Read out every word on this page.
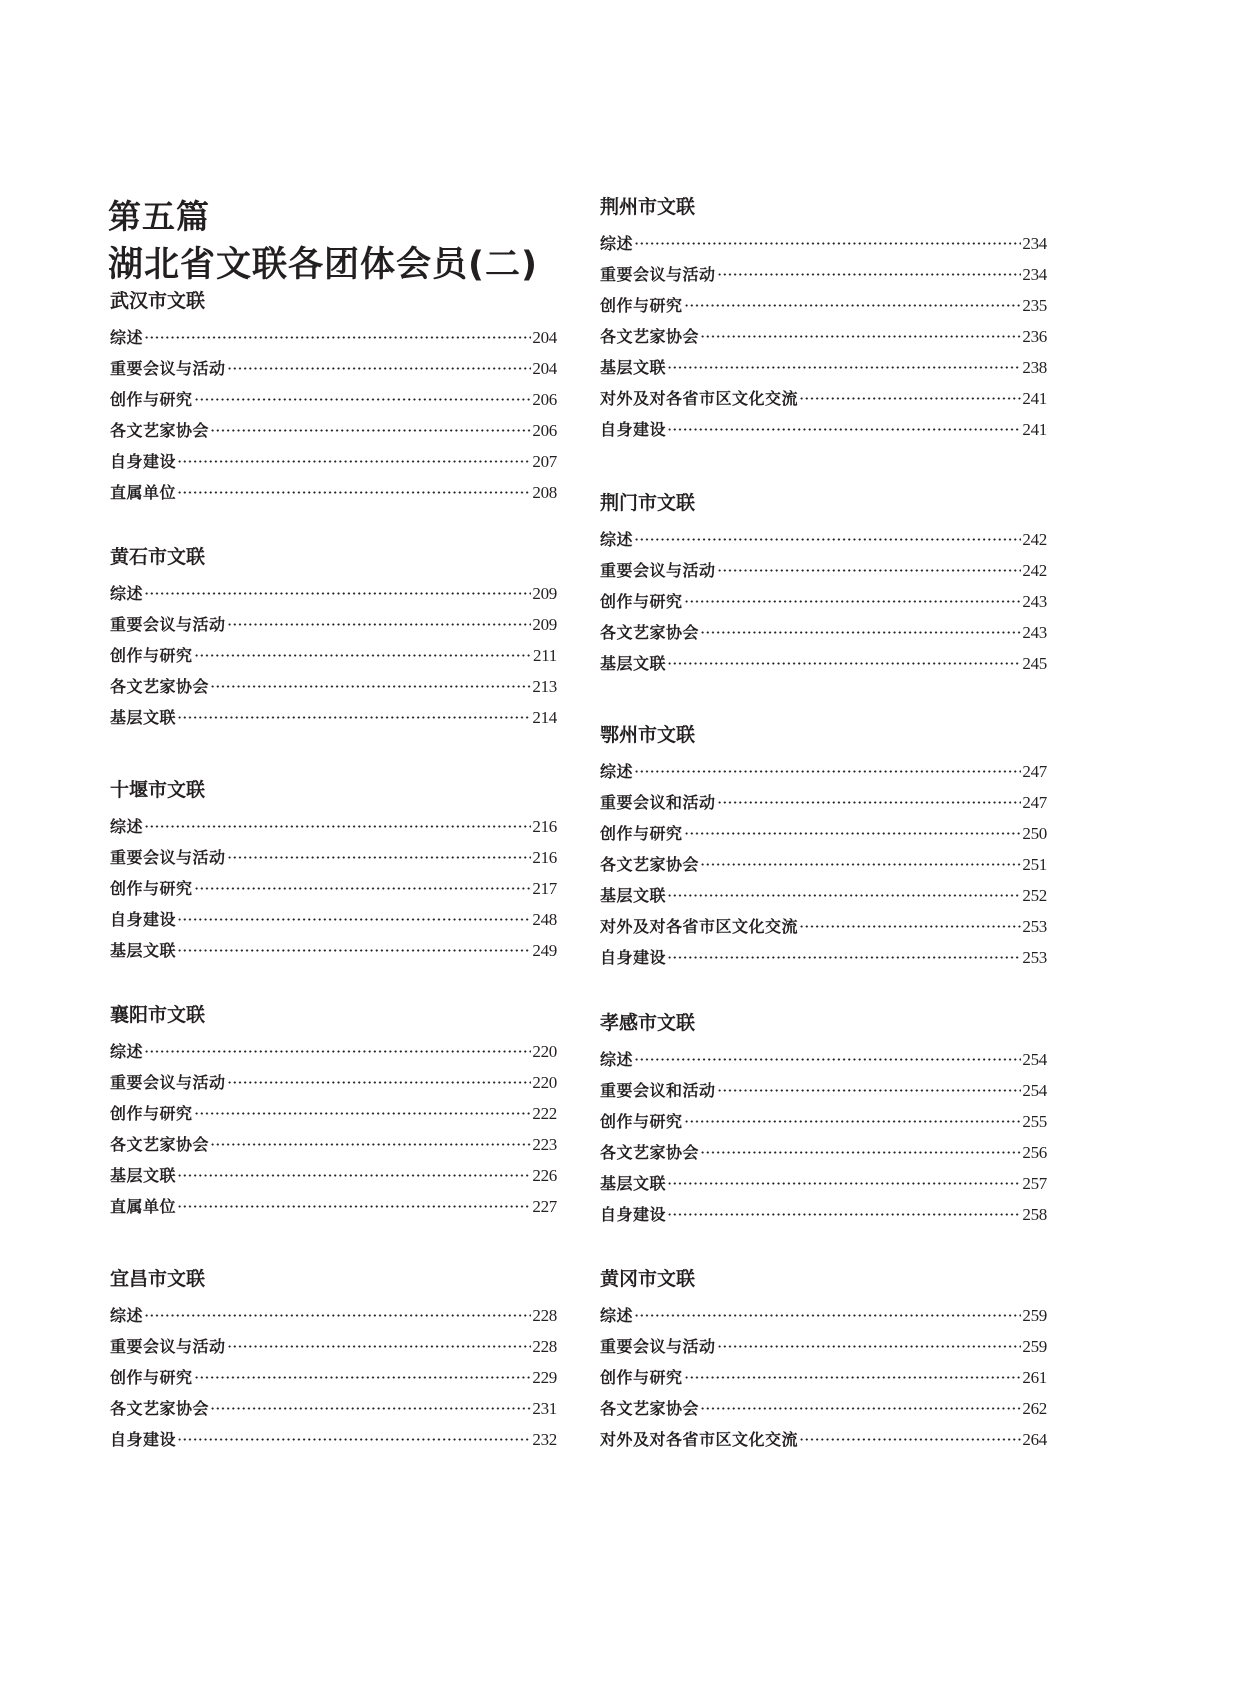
第五篇
湖北省文联各团体会员(二)
武汉市文联
综述	204
重要会议与活动	204
创作与研究	206
各文艺家协会	206
自身建设	207
直属单位	208
黄石市文联
综述	209
重要会议与活动	209
创作与研究	211
各文艺家协会	213
基层文联	214
十堰市文联
综述	216
重要会议与活动	216
创作与研究	217
自身建设	248
基层文联	249
襄阳市文联
综述	220
重要会议与活动	220
创作与研究	222
各文艺家协会	223
基层文联	226
直属单位	227
宜昌市文联
综述	228
重要会议与活动	228
创作与研究	229
各文艺家协会	231
自身建设	232
荆州市文联
综述	234
重要会议与活动	234
创作与研究	235
各文艺家协会	236
基层文联	238
对外及对各省市区文化交流	241
自身建设	241
荆门市文联
综述	242
重要会议与活动	242
创作与研究	243
各文艺家协会	243
基层文联	245
鄂州市文联
综述	247
重要会议和活动	247
创作与研究	250
各文艺家协会	251
基层文联	252
对外及对各省市区文化交流	253
自身建设	253
孝感市文联
综述	254
重要会议和活动	254
创作与研究	255
各文艺家协会	256
基层文联	257
自身建设	258
黄冈市文联
综述	259
重要会议与活动	259
创作与研究	261
各文艺家协会	262
对外及对各省市区文化交流	264
